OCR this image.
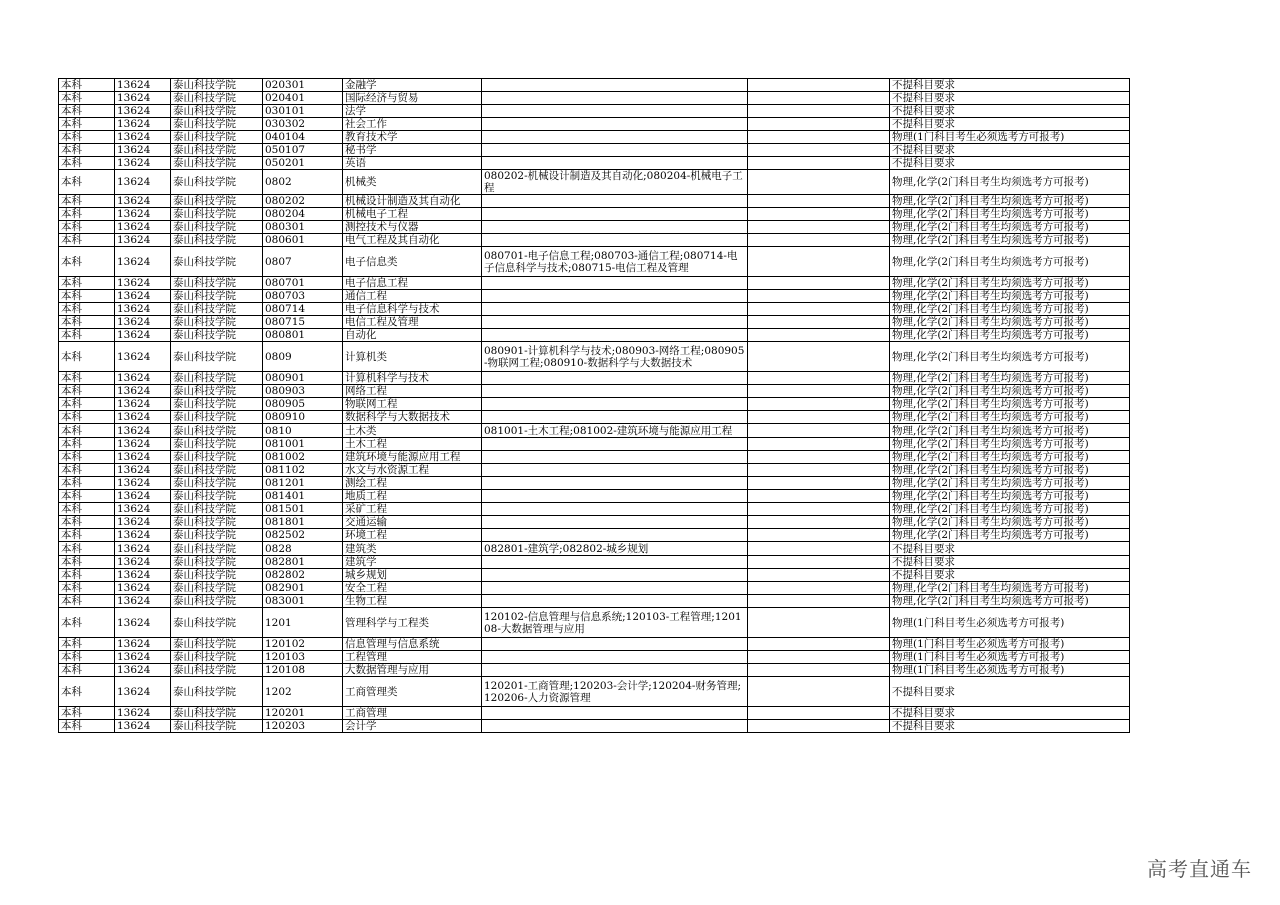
本科	13624	泰山科技学院	020301	金融学			不提科目要求
本科	13624	泰山科技学院	020401	国际经济与贸易			不提科目要求
本科	13624	泰山科技学院	030101	法学			不提科目要求
本科	13624	泰山科技学院	030302	社会工作			不提科目要求
本科	13624	泰山科技学院	040104	教育技术学			物理(1门科目考生必须选考方可报考)
本科	13624	泰山科技学院	050107	秘书学			不提科目要求
本科	13624	泰山科技学院	050201	英语			不提科目要求
本科	13624	泰山科技学院	0802	机械类	080202-机械设计制造及其自动化;080204-机械电子工程		物理,化学(2门科目考生均须选考方可报考)
本科	13624	泰山科技学院	080202	机械设计制造及其自动化			物理,化学(2门科目考生均须选考方可报考)
本科	13624	泰山科技学院	080204	机械电子工程			物理,化学(2门科目考生均须选考方可报考)
本科	13624	泰山科技学院	080301	测控技术与仪器			物理,化学(2门科目考生均须选考方可报考)
本科	13624	泰山科技学院	080601	电气工程及其自动化			物理,化学(2门科目考生均须选考方可报考)
本科	13624	泰山科技学院	0807	电子信息类	080701-电子信息工程;080703-通信工程;080714-电子信息科学与技术;080715-电信工程及管理		物理,化学(2门科目考生均须选考方可报考)
本科	13624	泰山科技学院	080701	电子信息工程			物理,化学(2门科目考生均须选考方可报考)
本科	13624	泰山科技学院	080703	通信工程			物理,化学(2门科目考生均须选考方可报考)
本科	13624	泰山科技学院	080714	电子信息科学与技术			物理,化学(2门科目考生均须选考方可报考)
本科	13624	泰山科技学院	080715	电信工程及管理			物理,化学(2门科目考生均须选考方可报考)
本科	13624	泰山科技学院	080801	自动化			物理,化学(2门科目考生均须选考方可报考)
本科	13624	泰山科技学院	0809	计算机类	080901-计算机科学与技术;080903-网络工程;080905-物联网工程;080910-数据科学与大数据技术		物理,化学(2门科目考生均须选考方可报考)
本科	13624	泰山科技学院	080901	计算机科学与技术			物理,化学(2门科目考生均须选考方可报考)
本科	13624	泰山科技学院	080903	网络工程			物理,化学(2门科目考生均须选考方可报考)
本科	13624	泰山科技学院	080905	物联网工程			物理,化学(2门科目考生均须选考方可报考)
本科	13624	泰山科技学院	080910	数据科学与大数据技术			物理,化学(2门科目考生均须选考方可报考)
本科	13624	泰山科技学院	0810	土木类	081001-土木工程;081002-建筑环境与能源应用工程		物理,化学(2门科目考生均须选考方可报考)
本科	13624	泰山科技学院	081001	土木工程			物理,化学(2门科目考生均须选考方可报考)
本科	13624	泰山科技学院	081002	建筑环境与能源应用工程			物理,化学(2门科目考生均须选考方可报考)
本科	13624	泰山科技学院	081102	水文与水资源工程			物理,化学(2门科目考生均须选考方可报考)
本科	13624	泰山科技学院	081201	测绘工程			物理,化学(2门科目考生均须选考方可报考)
本科	13624	泰山科技学院	081401	地质工程			物理,化学(2门科目考生均须选考方可报考)
本科	13624	泰山科技学院	081501	采矿工程			物理,化学(2门科目考生均须选考方可报考)
本科	13624	泰山科技学院	081801	交通运输			物理,化学(2门科目考生均须选考方可报考)
本科	13624	泰山科技学院	082502	环境工程			物理,化学(2门科目考生均须选考方可报考)
本科	13624	泰山科技学院	0828	建筑类	082801-建筑学;082802-城乡规划		不提科目要求
本科	13624	泰山科技学院	082801	建筑学			不提科目要求
本科	13624	泰山科技学院	082802	城乡规划			不提科目要求
本科	13624	泰山科技学院	082901	安全工程			物理,化学(2门科目考生均须选考方可报考)
本科	13624	泰山科技学院	083001	生物工程			物理,化学(2门科目考生均须选考方可报考)
本科	13624	泰山科技学院	1201	管理科学与工程类	120102-信息管理与信息系统;120103-工程管理;120108-大数据管理与应用		物理(1门科目考生必须选考方可报考)
本科	13624	泰山科技学院	120102	信息管理与信息系统			物理(1门科目考生必须选考方可报考)
本科	13624	泰山科技学院	120103	工程管理			物理(1门科目考生必须选考方可报考)
本科	13624	泰山科技学院	120108	大数据管理与应用			物理(1门科目考生必须选考方可报考)
本科	13624	泰山科技学院	1202	工商管理类	120201-工商管理;120203-会计学;120204-财务管理;120206-人力资源管理		不提科目要求
本科	13624	泰山科技学院	120201	工商管理			不提科目要求
本科	13624	泰山科技学院	120203	会计学			不提科目要求
高考直通车
